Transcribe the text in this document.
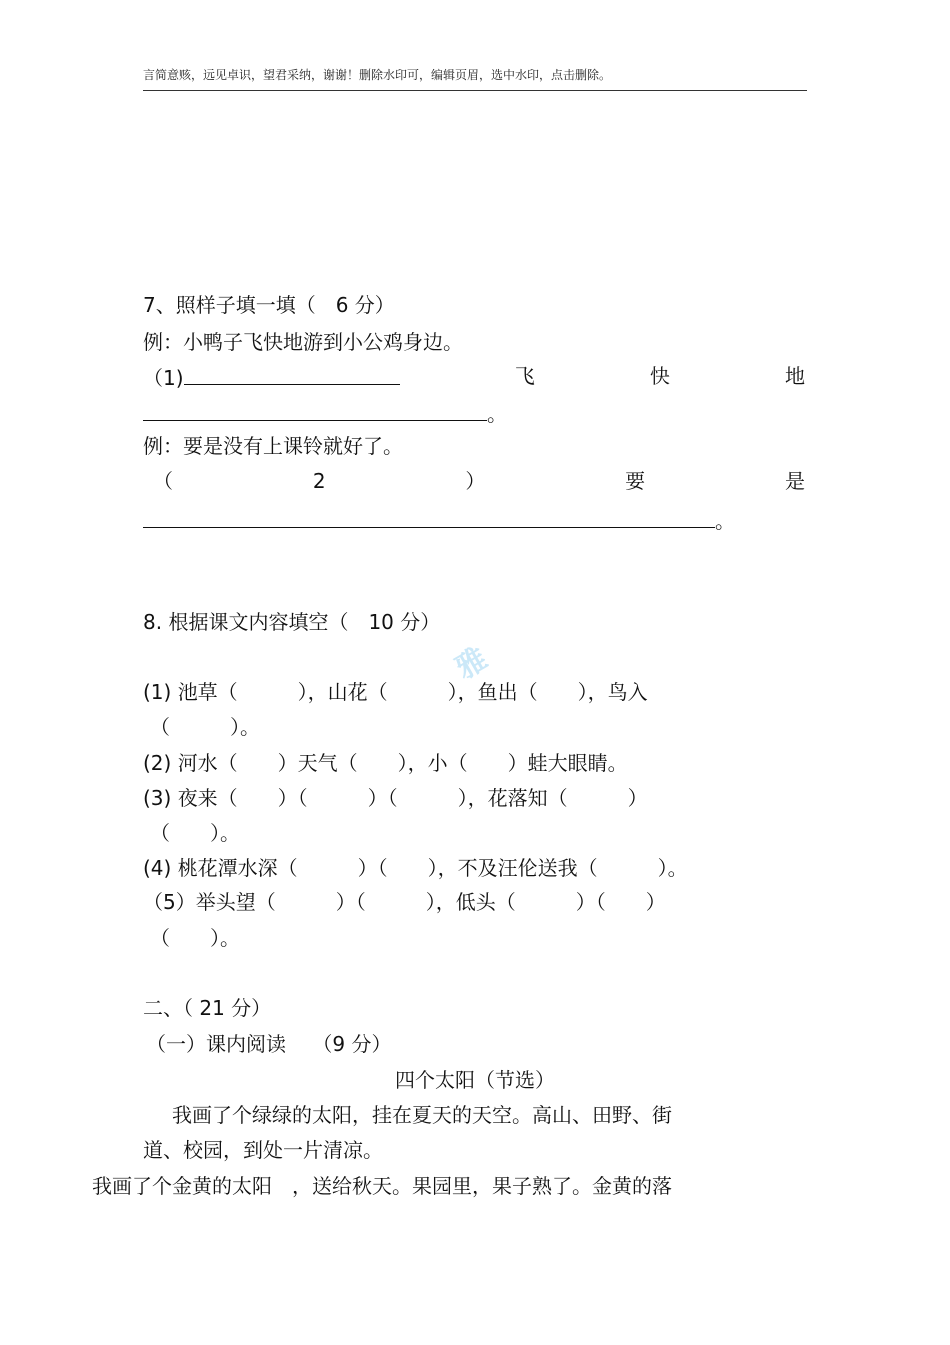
言简意赅，远见卓识，望君采纳，谢谢！删除水印可，编辑页眉，选中水印，点击删除。
7、照样子填一填（　6 分）
例：小鸭子飞快地游到小公鸡身边。
（1)	飞	快	地
。
例：要是没有上课铃就好了。
（	2	）	要	是
。
8. 根据课文内容填空（　10 分）
雅
(1) 池草（　　　），山花（　　　），鱼出（　　），鸟入
（　　　）。
(2) 河水（　　）天气（　　），小（　　）蛙大眼睛。
(3) 夜来（　　）（　　　）（　　　），花落知（　　　）
（　　）。
(4) 桃花潭水深（　　　）（　　），不及汪伦送我（　　　）。
（5）举头望（　　　）（　　　），低头（　　　）（　　）
（　　）。
二、（ 21 分）
（一）课内阅读　 （9 分）
四个太阳（节选）
　我画了个绿绿的太阳，挂在夏天的天空。高山、田野、街
道、校园，到处一片清凉。
我画了个金黄的太阳　，送给秋天。果园里，果子熟了。金黄的落
